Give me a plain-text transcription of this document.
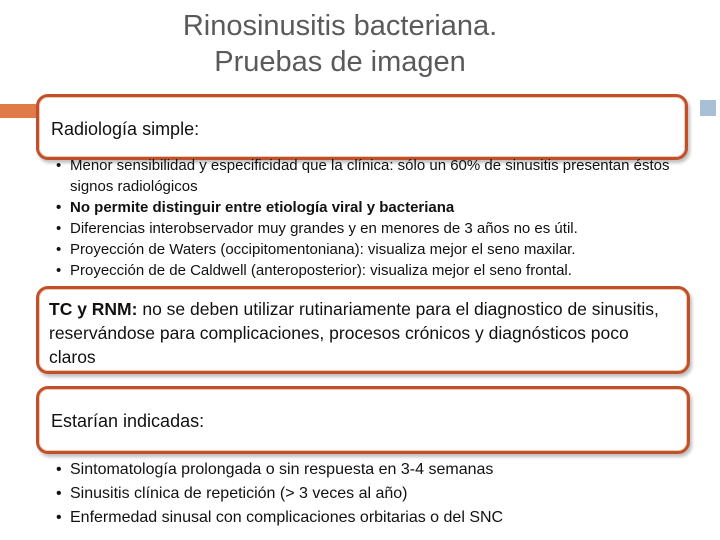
Rinosinusitis bacteriana.
Pruebas de imagen
Radiología simple:
• Menor sensibilidad y especificidad que la clínica: sólo un 60% de sinusitis presentan éstos signos radiológicos
• No permite distinguir entre etiología viral y bacteriana
• Diferencias interobservador muy grandes y en menores de 3 años no es útil.
• Proyección de Waters (occipitomentoniana): visualiza mejor el seno maxilar.
• Proyección de de Caldwell (anteroposterior): visualiza mejor el seno frontal.
TC y RNM: no se deben utilizar rutinariamente para el diagnostico de sinusitis, reservándose para complicaciones, procesos crónicos y diagnósticos poco claros
Estarían indicadas:
• Sintomatología prolongada o sin respuesta en 3-4 semanas
• Sinusitis clínica de repetición (> 3 veces al año)
• Enfermedad sinusal con complicaciones orbitarias o del SNC
